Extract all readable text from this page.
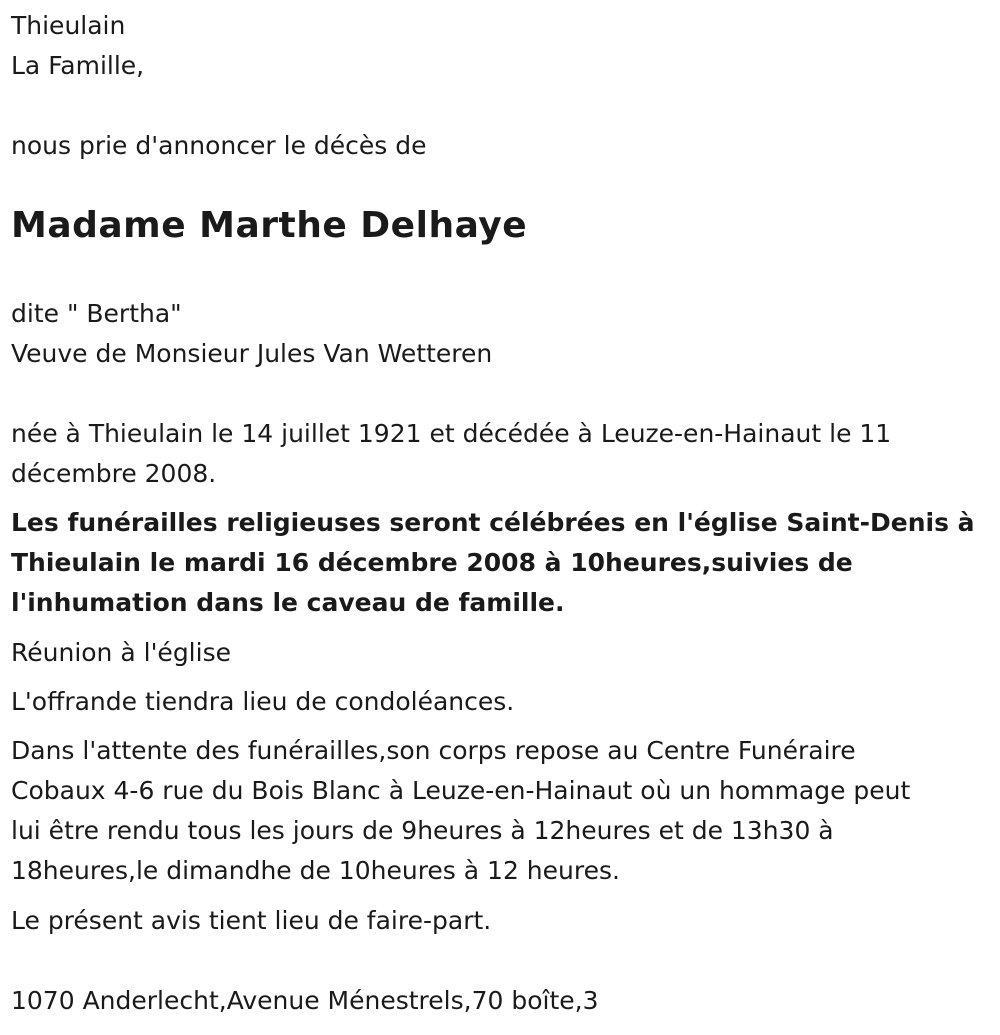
Thieulain
La Famille,
nous prie d'annoncer le décès de
Madame Marthe Delhaye
dite " Bertha"
Veuve de Monsieur Jules Van Wetteren
née à Thieulain le 14 juillet 1921 et décédée à Leuze-en-Hainaut le 11
décembre 2008.
Les funérailles religieuses seront célébrées en l'église Saint-Denis à
Thieulain le mardi 16 décembre 2008 à 10heures,suivies de
l'inhumation dans le caveau de famille.
Réunion à l'église
L'offrande tiendra lieu de condoléances.
Dans l'attente des funérailles,son corps repose au Centre Funéraire
Cobaux 4-6 rue du Bois Blanc à Leuze-en-Hainaut où un hommage peut
lui être rendu tous les jours de 9heures à 12heures et de 13h30 à
18heures,le dimandhe de 10heures à 12 heures.
Le présent avis tient lieu de faire-part.
1070 Anderlecht,Avenue Ménestrels,70 boîte,3
